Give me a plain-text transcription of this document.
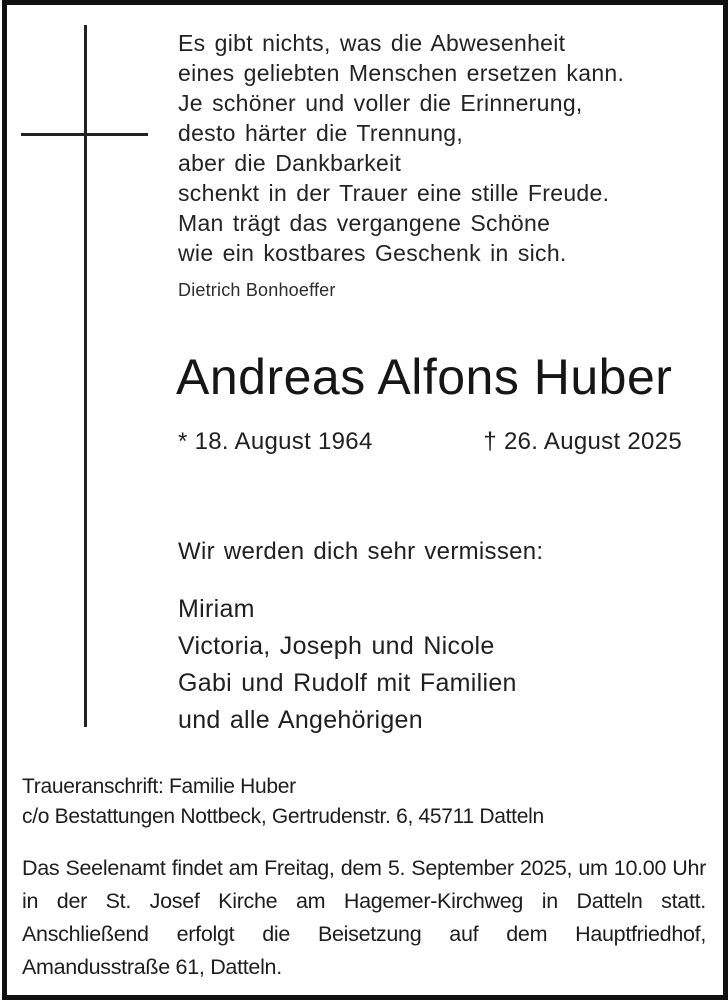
Es gibt nichts, was die Abwesenheit
eines geliebten Menschen ersetzen kann.
Je schöner und voller die Erinnerung,
desto härter die Trennung,
aber die Dankbarkeit
schenkt in der Trauer eine stille Freude.
Man trägt das vergangene Schöne
wie ein kostbares Geschenk in sich.
Dietrich Bonhoeffer
Andreas Alfons Huber
* 18. August 1964	† 26. August 2025
Wir werden dich sehr vermissen:
Miriam
Victoria, Joseph und Nicole
Gabi und Rudolf mit Familien
und alle Angehörigen
Traueranschrift: Familie Huber
c/o Bestattungen Nottbeck, Gertrudenstr. 6, 45711 Datteln

Das Seelenamt findet am Freitag, dem 5. September 2025, um 10.00 Uhr in der St. Josef Kirche am Hagemer-Kirchweg in Datteln statt. Anschließend erfolgt die Beisetzung auf dem Hauptfriedhof, Amandusstraße 61, Datteln.
